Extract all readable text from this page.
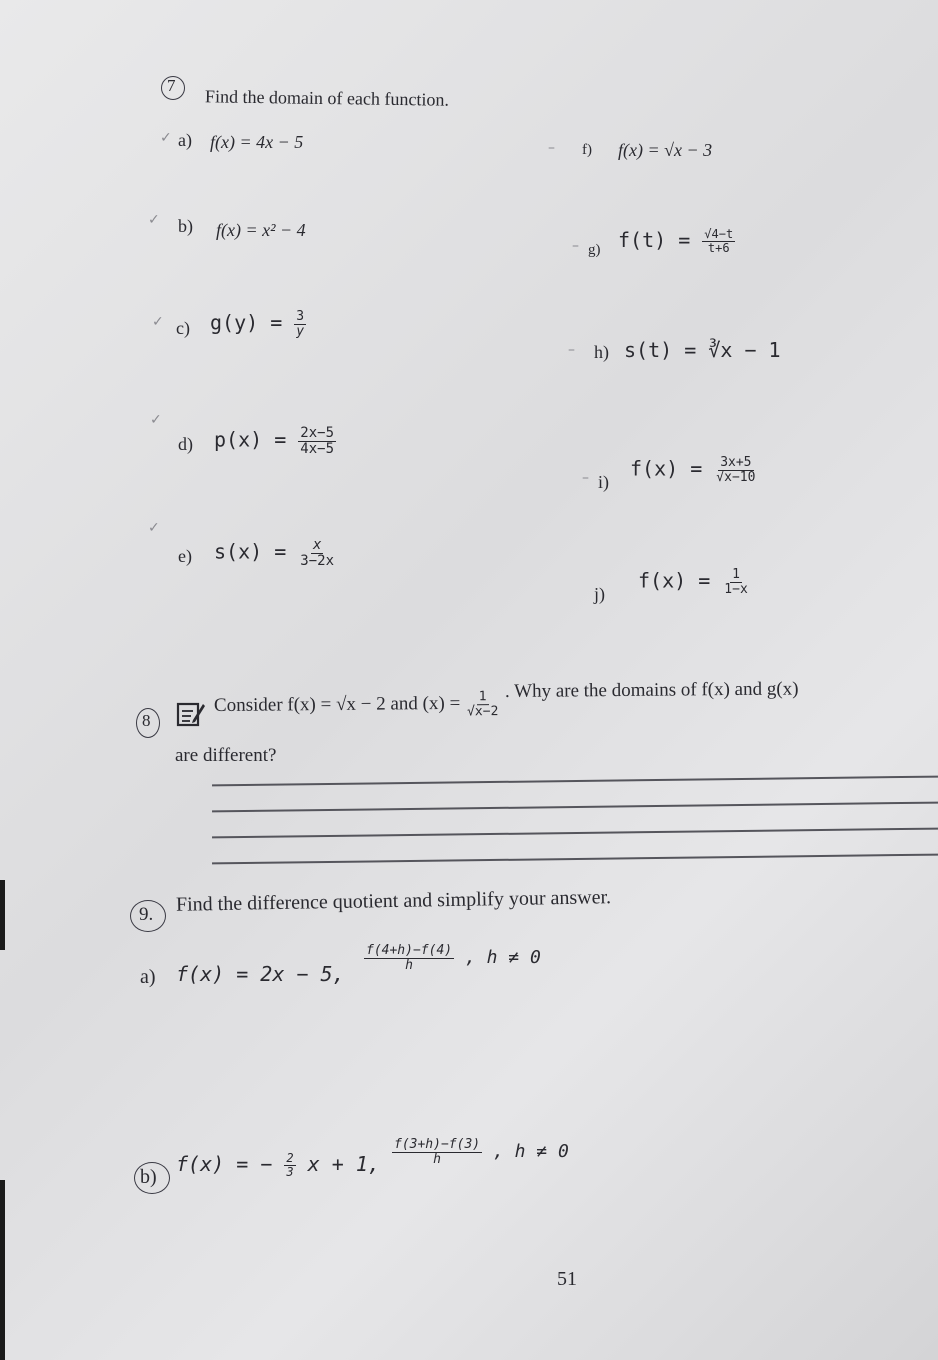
7
Find the domain of each function.
✓ a) f(x) = 4x − 5
✓ b) f(x) = x² − 4
✓ c) $g(y) = \frac{3}{y}$
✓
d) $p(x) = \frac{2x-5}{4x-5}$
✓
e) $s(x) = \frac{x}{3-2x}$
– f) f(x) = √x − 3
– g) $f(t) = \frac{√4-t}{t+6}$
– h) s(t) = ∛x − 1
– i)
$f(x) = \frac{3x+5}{√x-10}$
j)
$f(x) = \frac{1}{1-x}$
8
Consider f(x) = √x − 2 and $(x) = \frac{1}{√x-2}$
. Why are the domains of f(x) and g(x)
are different?
9. Find the difference quotient and simplify your answer.
a) f(x) = 2x − 5,
$\frac{f(4+h)-f(4)}{h}$ , h ≠ 0
b)
f(x) = − $\frac{2}{3}$ x + 1, $\frac{f(3+h)-f(3)}{h}$ , h ≠ 0
51
